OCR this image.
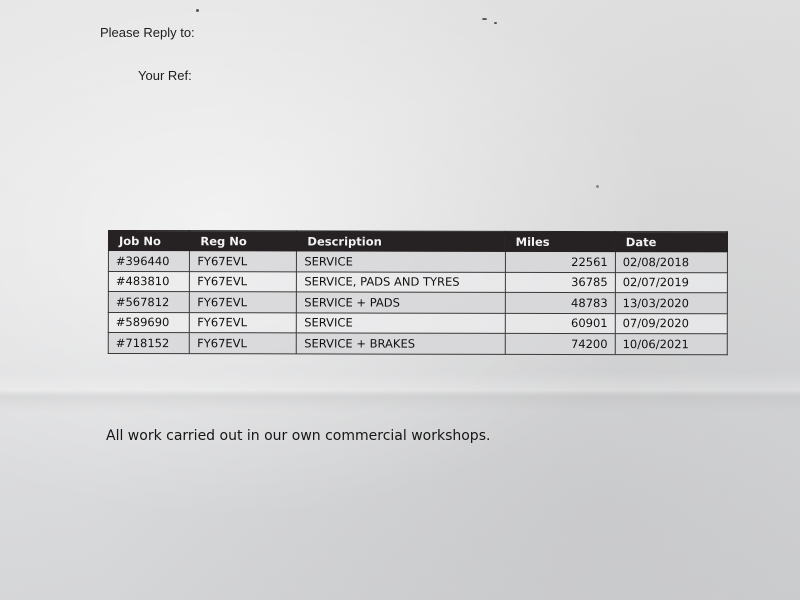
Please Reply to:
Your Ref:
Job No	Reg No	Description	Miles	Date
#396440	FY67EVL	SERVICE	22561	02/08/2018
#483810	FY67EVL	SERVICE, PADS AND TYRES	36785	02/07/2019
#567812	FY67EVL	SERVICE + PADS	48783	13/03/2020
#589690	FY67EVL	SERVICE	60901	07/09/2020
#718152	FY67EVL	SERVICE + BRAKES	74200	10/06/2021
All work carried out in our own commercial workshops.
